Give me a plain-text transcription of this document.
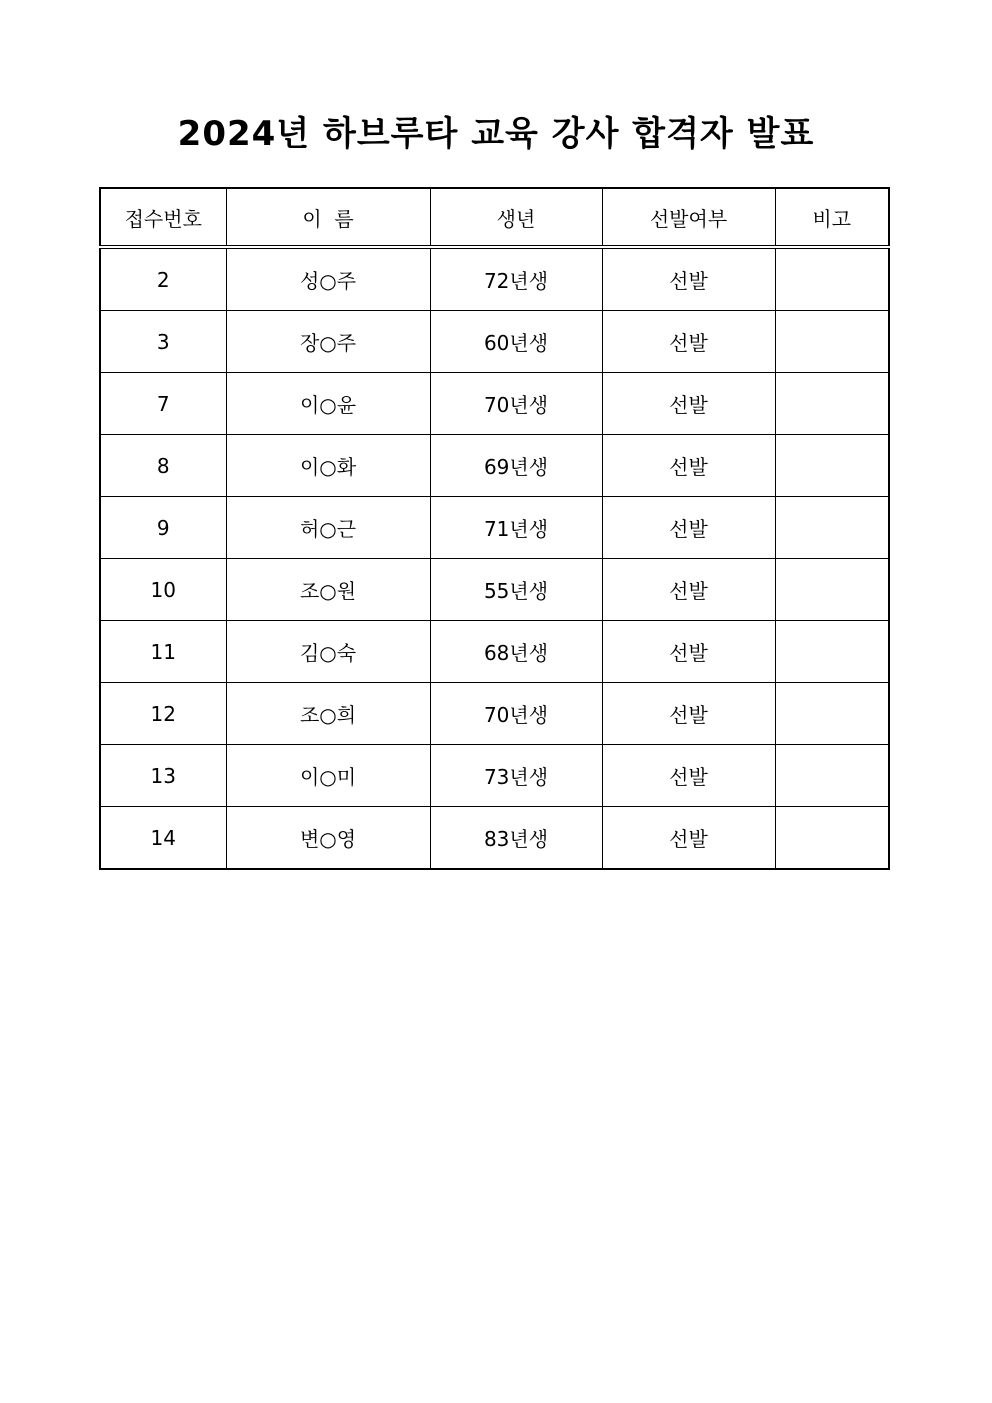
2024년 하브루타 교육 강사 합격자 발표
접수번호	이  름	생년	선발여부	비고
2	성○주	72년생	선발	
3	장○주	60년생	선발	
7	이○윤	70년생	선발	
8	이○화	69년생	선발	
9	허○근	71년생	선발	
10	조○원	55년생	선발	
11	김○숙	68년생	선발	
12	조○희	70년생	선발	
13	이○미	73년생	선발	
14	변○영	83년생	선발	
